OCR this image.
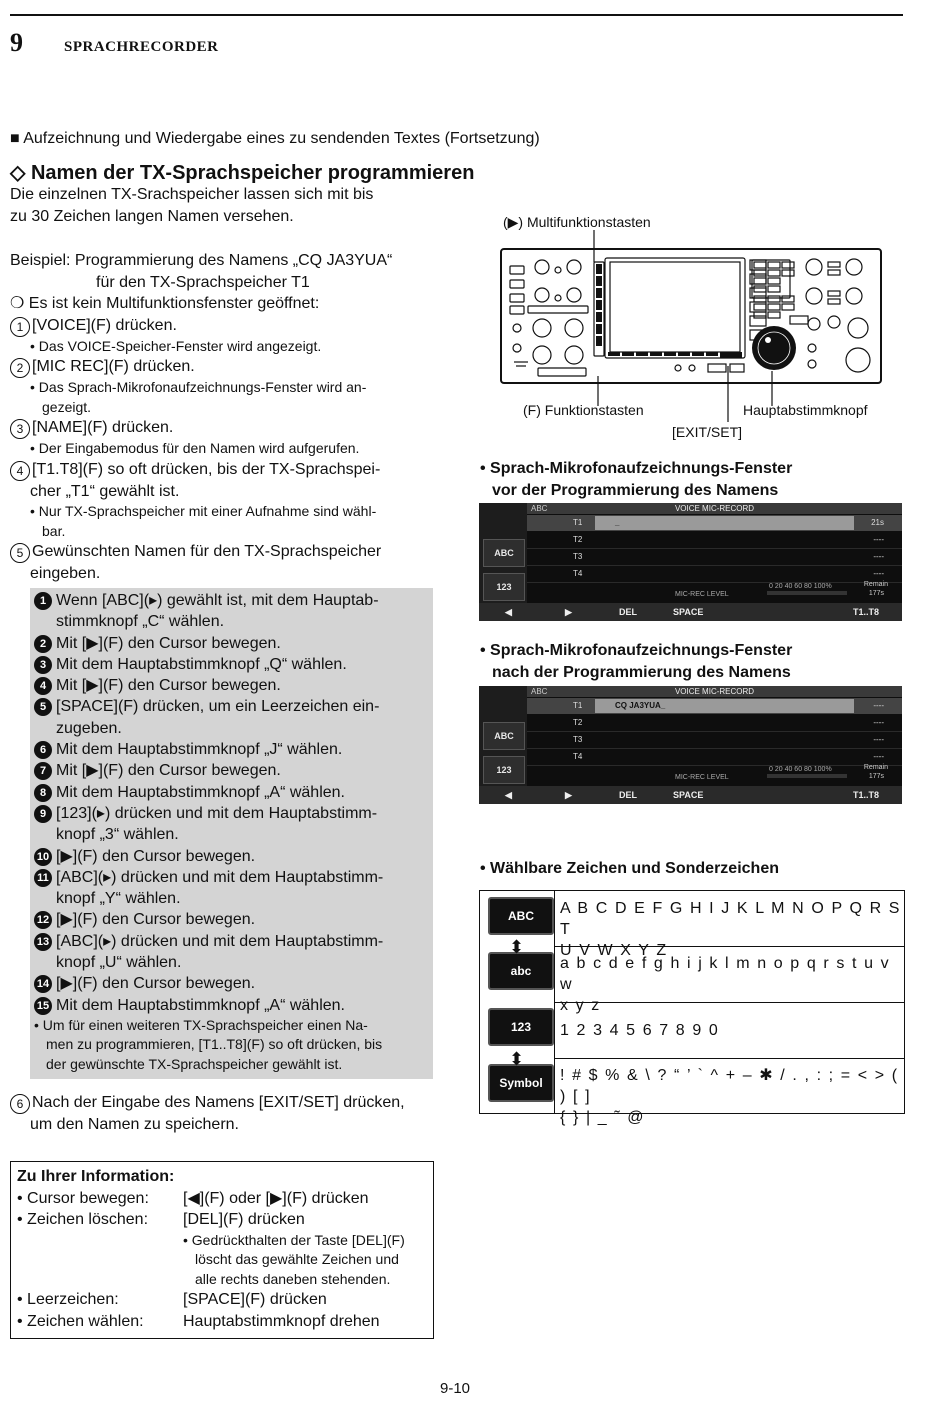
9	SPRACHRECORDER
■ Aufzeichnung und Wiedergabe eines zu sendenden Textes (Fortsetzung)
◇ Namen der TX-Sprachspeicher programmieren
Die einzelnen TX-Srachspeicher lassen sich mit bis
zu 30 Zeichen langen Namen versehen.
Beispiel: Programmierung des Namens „CQ JA3YUA“
für den TX-Sprachspeicher T1
❍ Es ist kein Multifunktionsfenster geöffnet:
1 [VOICE](F) drücken.
• Das VOICE-Speicher-Fenster wird angezeigt.
2 [MIC REC](F) drücken.
• Das Sprach-Mikrofonaufzeichnungs-Fenster wird an-
gezeigt.
3 [NAME](F) drücken.
• Der Eingabemodus für den Namen wird aufgerufen.
4 [T1.T8](F) so oft drücken, bis der TX-Sprachspei-
cher „T1“ gewählt ist.
• Nur TX-Sprachspeicher mit einer Aufnahme sind wähl-
bar.
5 Gewünschten Namen für den TX-Sprachspeicher
eingeben.
1 Wenn [ABC](▸) gewählt ist, mit dem Hauptab-
stimmknopf „C“ wählen.
2 Mit [▶](F) den Cursor bewegen.
3 Mit dem Hauptabstimmknopf „Q“ wählen.
4 Mit [▶](F) den Cursor bewegen.
5 [SPACE](F) drücken, um ein Leerzeichen ein-
zugeben.
6 Mit dem Hauptabstimmknopf „J“ wählen.
7 Mit [▶](F) den Cursor bewegen.
8 Mit dem Hauptabstimmknopf „A“ wählen.
9 [123](▸) drücken und mit dem Hauptabstimm-
knopf „3“ wählen.
10 [▶](F) den Cursor bewegen.
11 [ABC](▸) drücken und mit dem Hauptabstimm-
knopf „Y“ wählen.
12 [▶](F) den Cursor bewegen.
13 [ABC](▸) drücken und mit dem Hauptabstimm-
knopf „U“ wählen.
14 [▶](F) den Cursor bewegen.
15 Mit dem Hauptabstimmknopf „A“ wählen.
• Um für einen weiteren TX-Sprachspeicher einen Na-
men zu programmieren, [T1..T8](F) so oft drücken, bis
der gewünschte TX-Sprachspeicher gewählt ist.
6 Nach der Eingabe des Namens [EXIT/SET] drücken,
um den Namen zu speichern.
Zu Ihrer Information:
• Cursor bewegen:	[◀](F) oder [▶](F) drücken
• Zeichen löschen:	[DEL](F) drücken
• Gedrückthalten der Taste [DEL](F)
löscht das gewählte Zeichen und
alle rechts daneben stehenden.
• Leerzeichen:	[SPACE](F) drücken
• Zeichen wählen:	Hauptabstimmknopf drehen
(▶) Multifunktionstasten
(F) Funktionstasten	Hauptabstimmknopf
[EXIT/SET]
• Sprach-Mikrofonaufzeichnungs-Fenster
vor der Programmierung des Namens
ABC	VOICE MIC-RECORD
T1	_	21s
T2	----
T3	----
T4	----
ABC
123
MIC-REC LEVEL
0 20 40 60 80 100%	Remain
177s
◀	▶	DEL	SPACE	T1..T8
• Sprach-Mikrofonaufzeichnungs-Fenster
nach der Programmierung des Namens
ABC	VOICE MIC-RECORD
T1	CQ JA3YUA_	----
T2	----
T3	----
T4	----
ABC
123
MIC-REC LEVEL
0 20 40 60 80 100%	Remain
177s
◀	▶	DEL	SPACE	T1..T8
• Wählbare Zeichen und Sonderzeichen
ABC	A B C D E F G H I J K L M N O P Q R S T
U V W X Y Z
abc	a b c d e f g h i j k l m n o p q r s t u v w
x y z
123	1 2 3 4 5 6 7 8 9 0
Symbol	! # $ % & \ ? “ ’ ` ^ + – ✱ / . , : ; = < > ( ) [ ]
{ } | _ ˜ @
⬍
⬍
9-10
